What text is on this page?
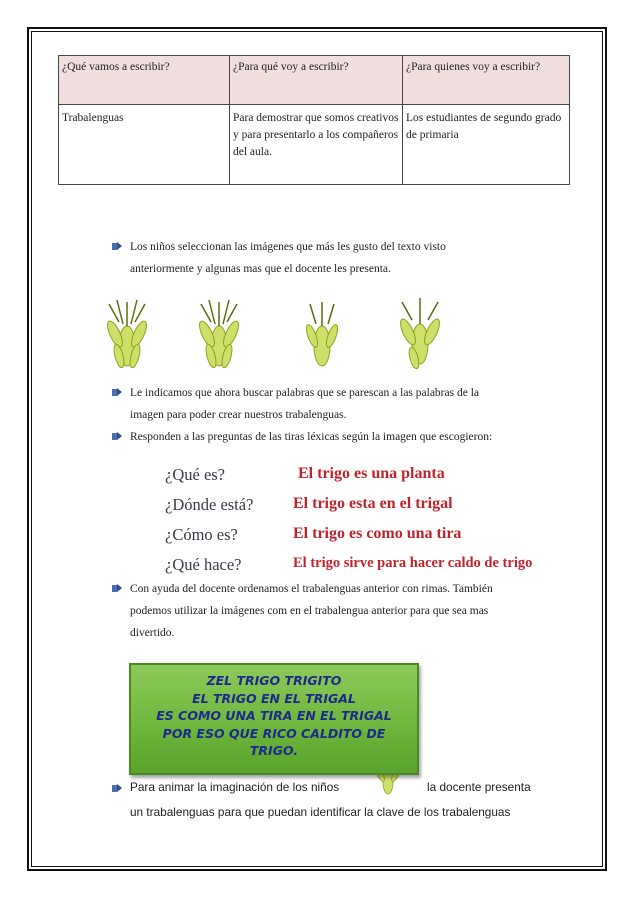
¿Qué vamos a escribir?	¿Para qué voy a escribir?	¿Para quienes voy a escribir?
Trabalenguas	Para demostrar que somos creativos y para presentarlo a los compañeros del aula.	Los estudiantes de segundo grado de primaria
Los niños seleccionan las imágenes que más les gusto del texto visto
anteriormente y algunas mas que el docente les presenta.
Le indicamos que ahora buscar palabras que se parescan a las palabras de la
imagen para poder crear nuestros trabalenguas.
Responden a las preguntas de las tiras léxicas según la imagen que escogieron:
¿Qué es?	El trigo es una planta
¿Dónde está? El trigo esta en el trigal
¿Cómo es?	El trigo es como una tira
¿Qué hace?	El trigo sirve para hacer caldo de trigo
Con ayuda del docente ordenamos el trabalenguas anterior con rimas. También
podemos utilizar la imágenes com en el trabalengua anterior para que sea mas
divertido.
Para animar la imaginación de los niños	la docente presenta
un trabalenguas para que puedan identificar la clave de los trabalenguas
ZEL TRIGO TRIGITO
EL TRIGO EN EL TRIGAL
ES COMO UNA TIRA EN EL TRIGAL
POR ESO QUE RICO CALDITO DE
TRIGO.
